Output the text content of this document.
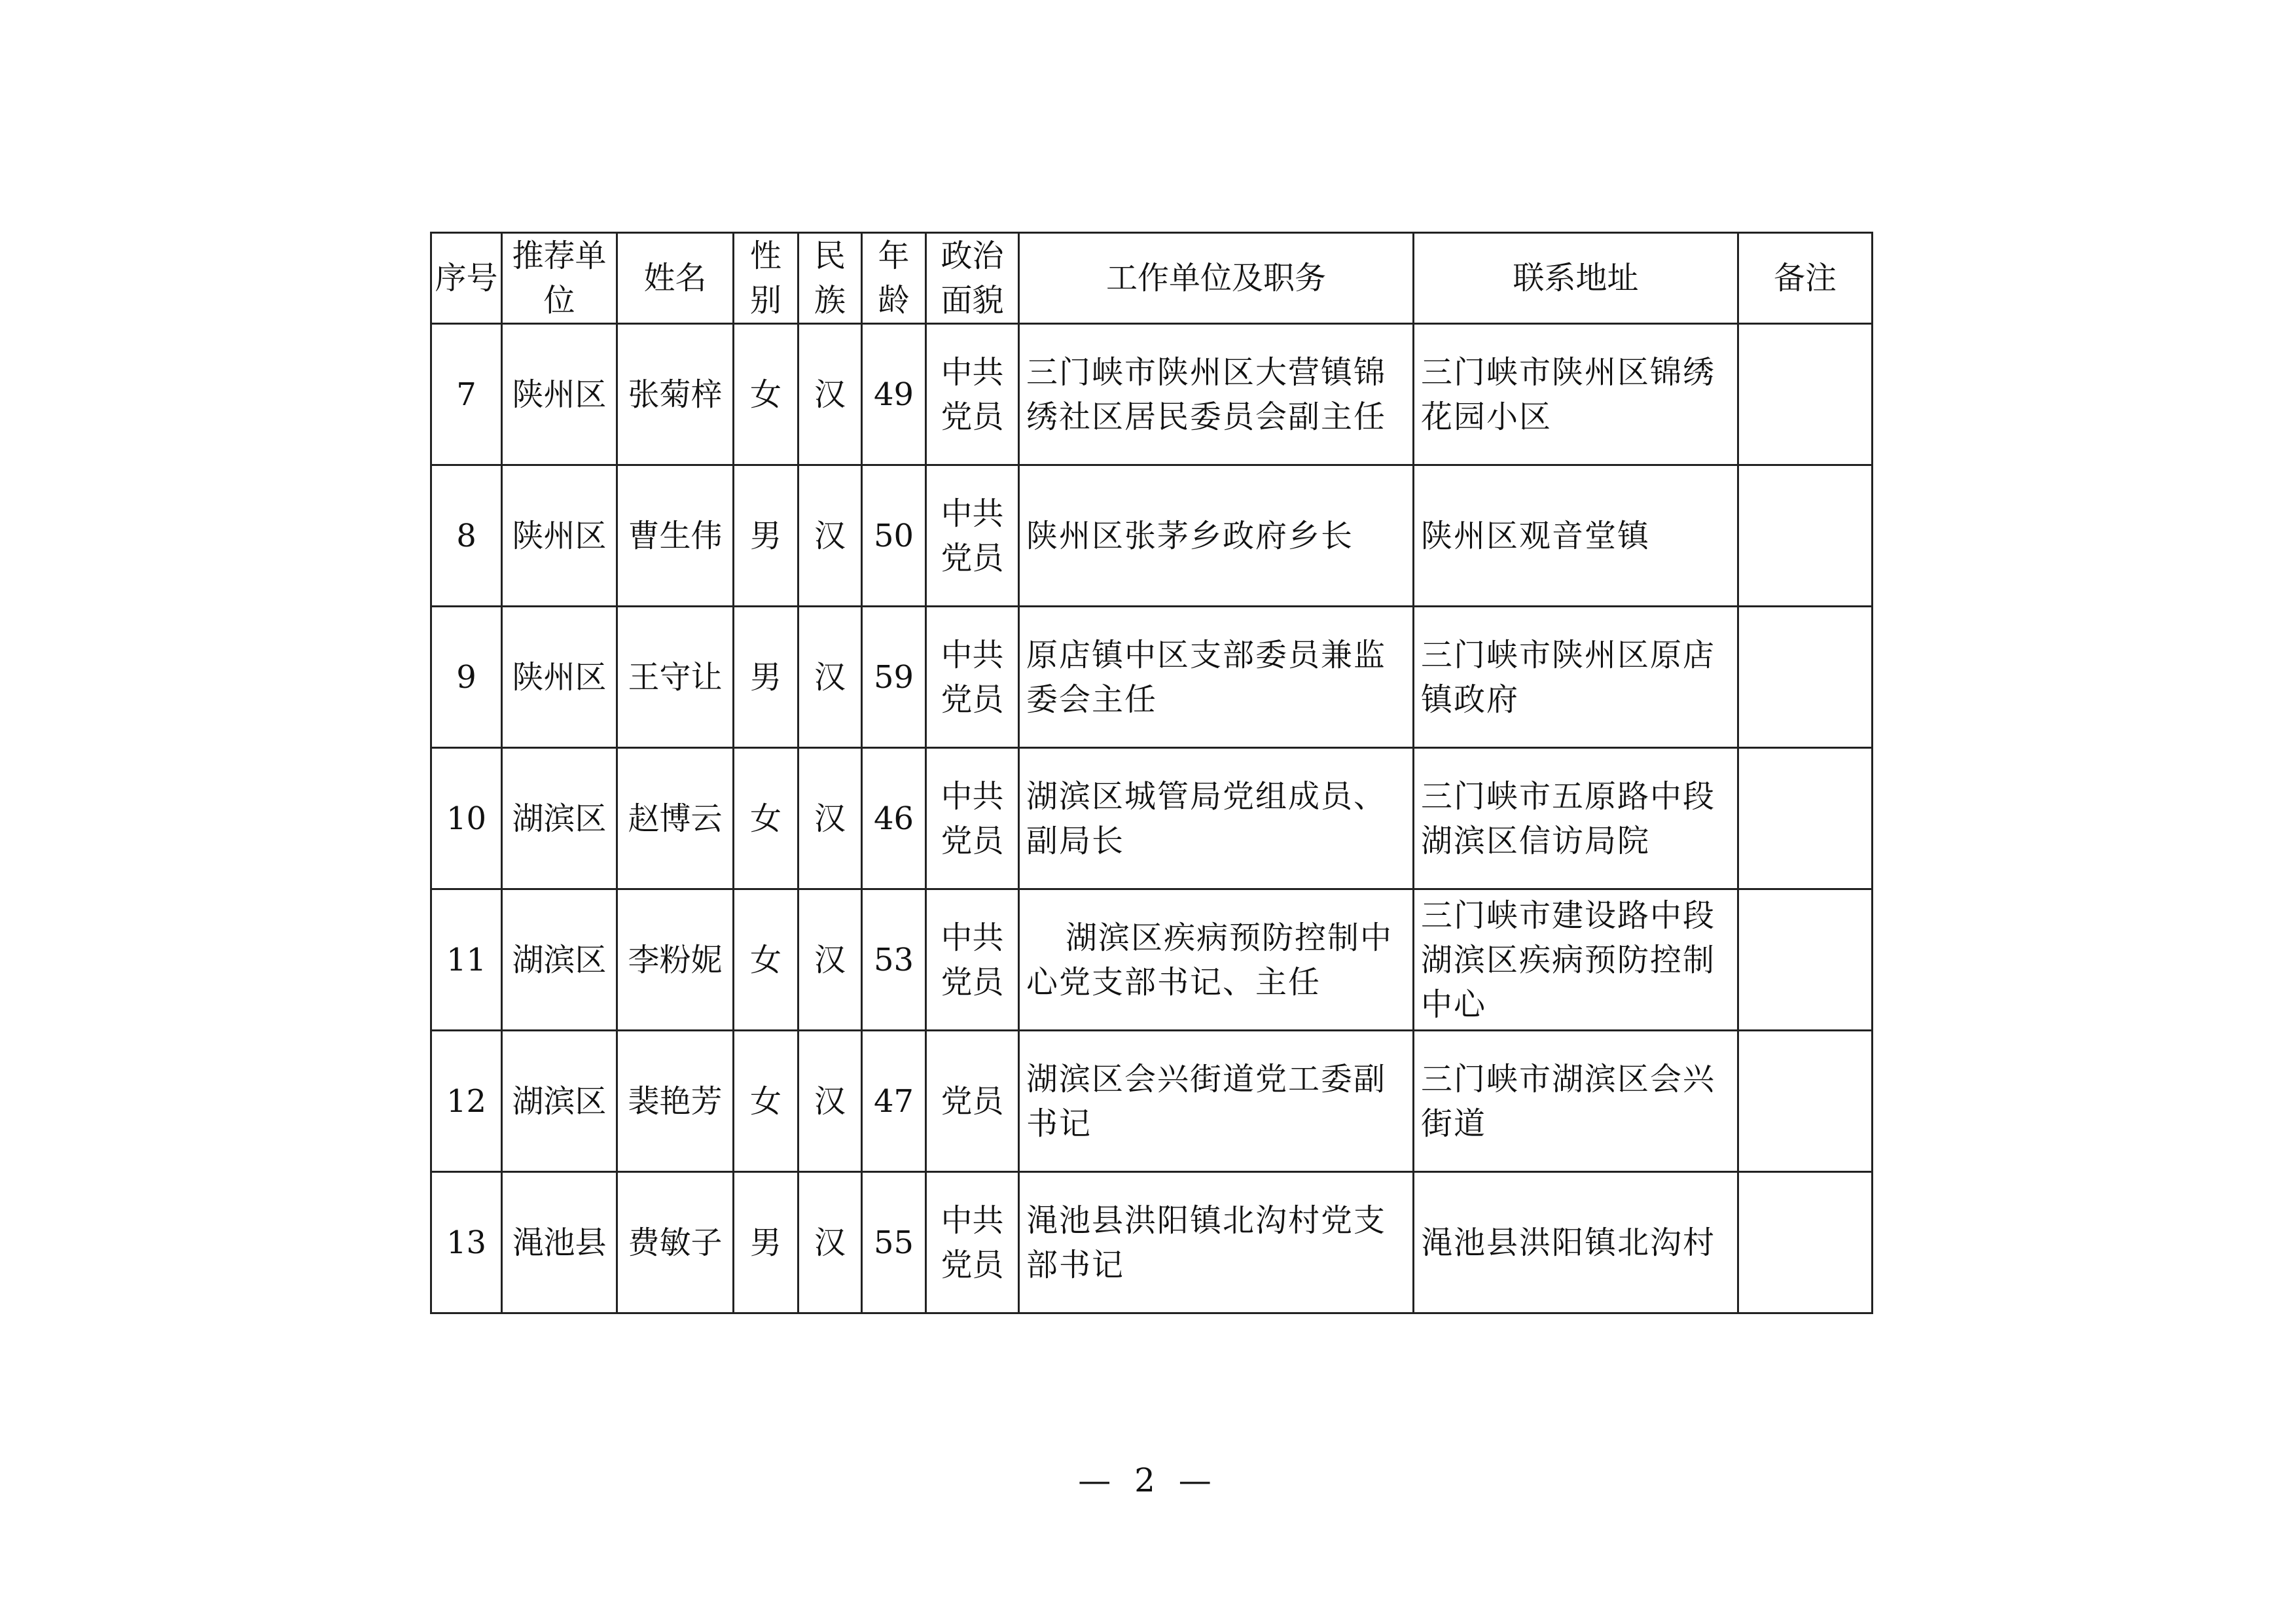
序号	推荐单位	姓名	性别	民族	年龄	政治面貌	工作单位及职务	联系地址	备注
7	陕州区	张菊梓	女	汉	49	中共党员	三门峡市陕州区大营镇锦绣社区居民委员会副主任	三门峡市陕州区锦绣花园小区	
8	陕州区	曹生伟	男	汉	50	中共党员	陕州区张茅乡政府乡长	陕州区观音堂镇	
9	陕州区	王守让	男	汉	59	中共党员	原店镇中区支部委员兼监委会主任	三门峡市陕州区原店镇政府	
10	湖滨区	赵博云	女	汉	46	中共党员	湖滨区城管局党组成员、副局长	三门峡市五原路中段湖滨区信访局院	
11	湖滨区	李粉妮	女	汉	53	中共党员	湖滨区疾病预防控制中心党支部书记、主任	三门峡市建设路中段湖滨区疾病预防控制中心	
12	湖滨区	裴艳芳	女	汉	47	党员	湖滨区会兴街道党工委副书记	三门峡市湖滨区会兴街道	
13	渑池县	费敏子	男	汉	55	中共党员	渑池县洪阳镇北沟村党支部书记	渑池县洪阳镇北沟村	
— 2 —
